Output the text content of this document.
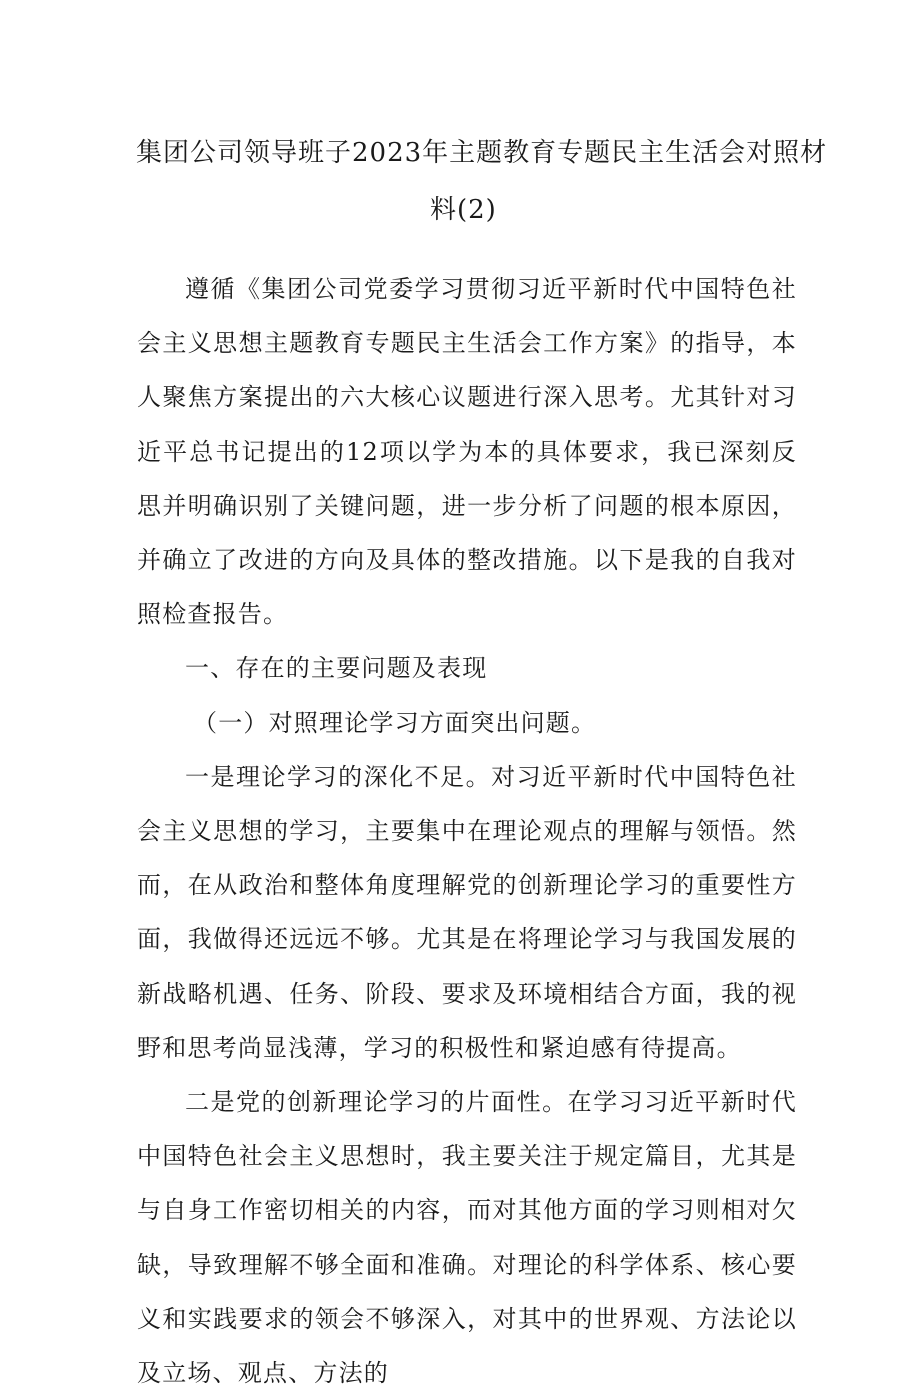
集团公司领导班子2023年主题教育专题民主生活会对照材
料(2)

遵循《集团公司党委学习贯彻习近平新时代中国特色社会主义思想主题教育专题民主生活会工作方案》的指导，本人聚焦方案提出的六大核心议题进行深入思考。尤其针对习近平总书记提出的12项以学为本的具体要求，我已深刻反思并明确识别了关键问题，进一步分析了问题的根本原因，并确立了改进的方向及具体的整改措施。以下是我的自我对照检查报告。

一、存在的主要问题及表现

（一）对照理论学习方面突出问题。

一是理论学习的深化不足。对习近平新时代中国特色社会主义思想的学习，主要集中在理论观点的理解与领悟。然而，在从政治和整体角度理解党的创新理论学习的重要性方面，我做得还远远不够。尤其是在将理论学习与我国发展的新战略机遇、任务、阶段、要求及环境相结合方面，我的视野和思考尚显浅薄，学习的积极性和紧迫感有待提高。

二是党的创新理论学习的片面性。在学习习近平新时代中国特色社会主义思想时，我主要关注于规定篇目，尤其是与自身工作密切相关的内容，而对其他方面的学习则相对欠缺，导致理解不够全面和准确。对理论的科学体系、核心要义和实践要求的领会不够深入，对其中的世界观、方法论以及立场、观点、方法的
